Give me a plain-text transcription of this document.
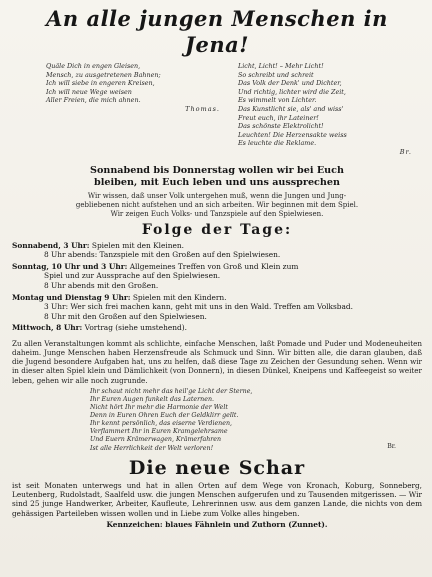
An alle jungen Menschen in Jena!
Quäle Dich in engen Gleisen,
Mensch, zu ausgetretenen Bahnen;
Ich will siebe in engeren Kreisen,
Ich will neue Wege weisen
Aller Freien, die mich ahnen.
Thomas.
Licht, Licht! – Mehr Licht!
So schreibt und schreit
Das Volk der Denk' und Dichter,
Und richtig, lichter wird die Zeit,
Es wimmelt von Lichter.
Das Kunstlicht sie, als' and wiss'
Freut euch, ihr Lateiner!
Das schönste Elektrolicht!
Leuchten! Die Herzensakte weiss
Es leuchte die Reklame.
Br.
Sonnabend bis Donnerstag wollen wir bei Euch
bleiben, mit Euch leben und uns aussprechen
Wir wissen, daß unser Volk untergehen muß, wenn die Jungen und Jung-
gebliebenen nicht aufstehen und an sich arbeiten. Wir beginnen mit dem Spiel.
Wir zeigen Euch Volks- und Tanzspiele auf den Spielwiesen.
Folge der Tage:
Sonnabend, 3 Uhr: Spielen mit den Kleinen.
8 Uhr abends: Tanzspiele mit den Großen auf den Spielwiesen.
Sonntag, 10 Uhr und 3 Uhr: Allgemeines Treffen von Groß und Klein zum
Spiel und zur Aussprache auf den Spielwiesen.
8 Uhr abends mit den Großen.
Montag und Dienstag 9 Uhr: Spielen mit den Kindern.
3 Uhr: Wer sich frei machen kann, geht mit uns in den Wald. Treffen am Volksbad.
8 Uhr mit den Großen auf den Spielwiesen.
Mittwoch, 8 Uhr: Vortrag (siehe umstehend).
Zu allen Veranstaltungen kommt als schlichte, einfache Menschen, laßt Pomade und Puder und Modeneuheiten daheim. Junge Menschen haben Herzensfreude als Schmuck und Sinn. Wir bitten alle, die daran glauben, daß die Jugend besondere Aufgaben hat, uns zu helfen, daß diese Tage zu Zeichen der Gesundung sehen. Wenn wir in dieser alten Spiel klein und Dämlichkeit (von Donnern), in diesen Dünkel, Kneipens und Kaffeegeist so weiter leben, gehen wir alle noch zugrunde.
Ihr schaut nicht mehr das heil'ge Licht der Sterne,
Ihr Euren Augen funkelt das Laternen.
Nicht hört Ihr mehr die Harmonie der Welt
Denn in Euren Ohren Euch der Geldklirr gellt.
Ihr kennt persönlich, das eiserne Verdienen,
Verflammert Ihr in Euren Kramgelehrsame
Und Euern Krämerwagen, Krämerfahren
Ist alle Herrlichkeit der Welt verloren!	Br.
Die neue Schar
ist seit Monaten unterwegs und hat in allen Orten auf dem Wege von Kronach, Koburg, Sonneberg, Leutenberg, Rudolstadt, Saalfeld usw. die jungen Menschen aufgerufen und zu Tausenden mitgerissen. — Wir sind 25 junge Handwerker, Arbeiter, Kaufleute, Lehrerinnen usw. aus dem ganzen Lande, die nichts von dem gehässigen Parteileben wissen wollen und in Liebe zum Volke alles hingeben.
Kennzeichen: blaues Fähnlein und Zuthorn (Zunnet).
